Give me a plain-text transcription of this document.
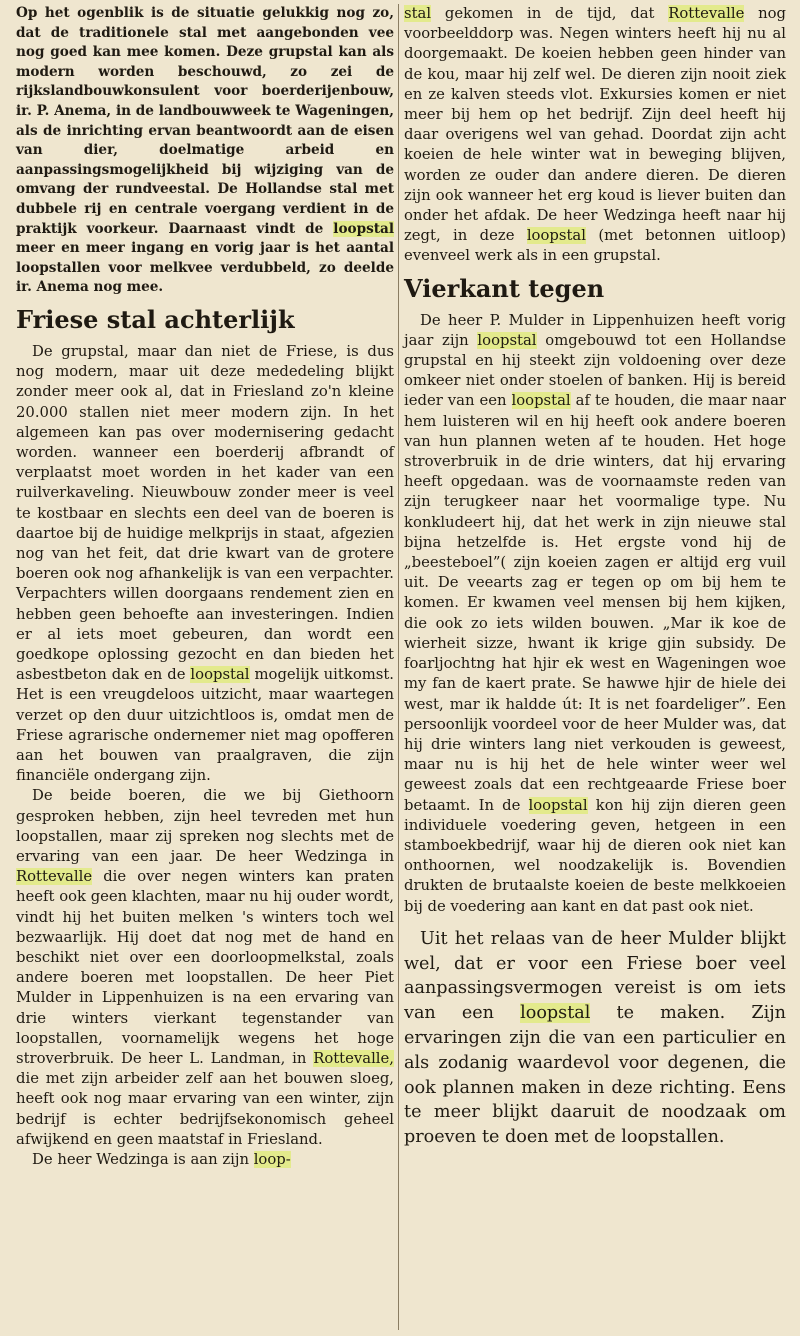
Op het ogenblik is de situatie gelukkig nog zo, dat de traditionele stal met aangebonden vee nog goed kan mee komen. Deze grupstal kan als modern worden beschouwd, zo zei de rijkslandbouwkonsulent voor boerderijenbouw, ir. P. Anema, in de landbouwweek te Wageningen, als de inrichting ervan beantwoordt aan de eisen van dier, doelmatige arbeid en aanpassingsmogelijkheid bij wijziging van de omvang der rundveestal. De Hollandse stal met dubbele rij en centrale voergang verdient in de praktijk voorkeur. Daarnaast vindt de loopstal meer en meer ingang en vorig jaar is het aantal loopstallen voor melkvee verdubbeld, zo deelde ir. Anema nog mee.

Friese stal achterlijk

De grupstal, maar dan niet de Friese, is dus nog modern, maar uit deze mededeling blijkt zonder meer ook al, dat in Friesland zo'n kleine 20.000 stallen niet meer modern zijn. In het algemeen kan pas over modernisering gedacht worden. wanneer een boerderij afbrandt of verplaatst moet worden in het kader van een ruilverkaveling. Nieuwbouw zonder meer is veel te kostbaar en slechts een deel van de boeren is daartoe bij de huidige melkprijs in staat, afgezien nog van het feit, dat drie kwart van de grotere boeren ook nog afhankelijk is van een verpachter. Verpachters willen doorgaans rendement zien en hebben geen behoefte aan investeringen. Indien er al iets moet gebeuren, dan wordt een goedkope oplossing gezocht en dan bieden het asbestbeton dak en de loopstal mogelijk uitkomst. Het is een vreugdeloos uitzicht, maar waartegen verzet op den duur uitzichtloos is, omdat men de Friese agrarische ondernemer niet mag opofferen aan het bouwen van praalgraven, die zijn financiële ondergang zijn.

De beide boeren, die we bij Giethoorn gesproken hebben, zijn heel tevreden met hun loopstallen, maar zij spreken nog slechts met de ervaring van een jaar. De heer Wedzinga in Rottevalle die over negen winters kan praten heeft ook geen klachten, maar nu hij ouder wordt, vindt hij het buiten melken 's winters toch wel bezwaarlijk. Hij doet dat nog met de hand en beschikt niet over een doorloopmelkstal, zoals andere boeren met loopstallen. De heer Piet Mulder in Lippenhuizen is na een ervaring van drie winters vierkant tegenstander van loopstallen, voornamelijk wegens het hoge stroverbruik. De heer L. Landman, in Rottevalle, die met zijn arbeider zelf aan het bouwen sloeg, heeft ook nog maar ervaring van een winter, zijn bedrijf is echter bedrijfsekonomisch geheel afwijkend en geen maatstaf in Friesland.

De heer Wedzinga is aan zijn loop-

stal gekomen in de tijd, dat Rottevalle nog voorbeelddorp was. Negen winters heeft hij nu al doorgemaakt. De koeien hebben geen hinder van de kou, maar hij zelf wel. De dieren zijn nooit ziek en ze kalven steeds vlot. Exkursies komen er niet meer bij hem op het bedrijf. Zijn deel heeft hij daar overigens wel van gehad. Doordat zijn acht koeien de hele winter wat in beweging blijven, worden ze ouder dan andere dieren. De dieren zijn ook wanneer het erg koud is liever buiten dan onder het afdak. De heer Wedzinga heeft naar hij zegt, in deze loopstal (met betonnen uitloop) evenveel werk als in een grupstal.

Vierkant tegen

De heer P. Mulder in Lippenhuizen heeft vorig jaar zijn loopstal omgebouwd tot een Hollandse grupstal en hij steekt zijn voldoening over deze omkeer niet onder stoelen of banken. Hij is bereid ieder van een loopstal af te houden, die maar naar hem luisteren wil en hij heeft ook andere boeren van hun plannen weten af te houden. Het hoge stroverbruik in de drie winters, dat hij ervaring heeft opgedaan. was de voornaamste reden van zijn terugkeer naar het voormalige type. Nu konkludeert hij, dat het werk in zijn nieuwe stal bijna hetzelfde is. Het ergste vond hij de „beesteboel”( zijn koeien zagen er altijd erg vuil uit. De veearts zag er tegen op om bij hem te komen. Er kwamen veel mensen bij hem kijken, die ook zo iets wilden bouwen. „Mar ik koe de wierheit sizze, hwant ik krige gjin subsidy. De foarljochtng hat hjir ek west en Wageningen woe my fan de kaert prate. Se hawwe hjir de hiele dei west, mar ik haldde út: It is net foardeliger”. Een persoonlijk voordeel voor de heer Mulder was, dat hij drie winters lang niet verkouden is geweest, maar nu is hij het de hele winter weer wel geweest zoals dat een rechtgeaarde Friese boer betaamt. In de loopstal kon hij zijn dieren geen individuele voedering geven, hetgeen in een stamboekbedrijf, waar hij de dieren ook niet kan onthoornen, wel noodzakelijk is. Bovendien drukten de brutaalste koeien de beste melkkoeien bij de voedering aan kant en dat past ook niet.

Uit het relaas van de heer Mulder blijkt wel, dat er voor een Friese boer veel aanpassingsvermogen vereist is om iets van een loopstal te maken. Zijn ervaringen zijn die van een particulier en als zodanig waardevol voor degenen, die ook plannen maken in deze richting. Eens te meer blijkt daaruit de noodzaak om proeven te doen met de loopstallen.
